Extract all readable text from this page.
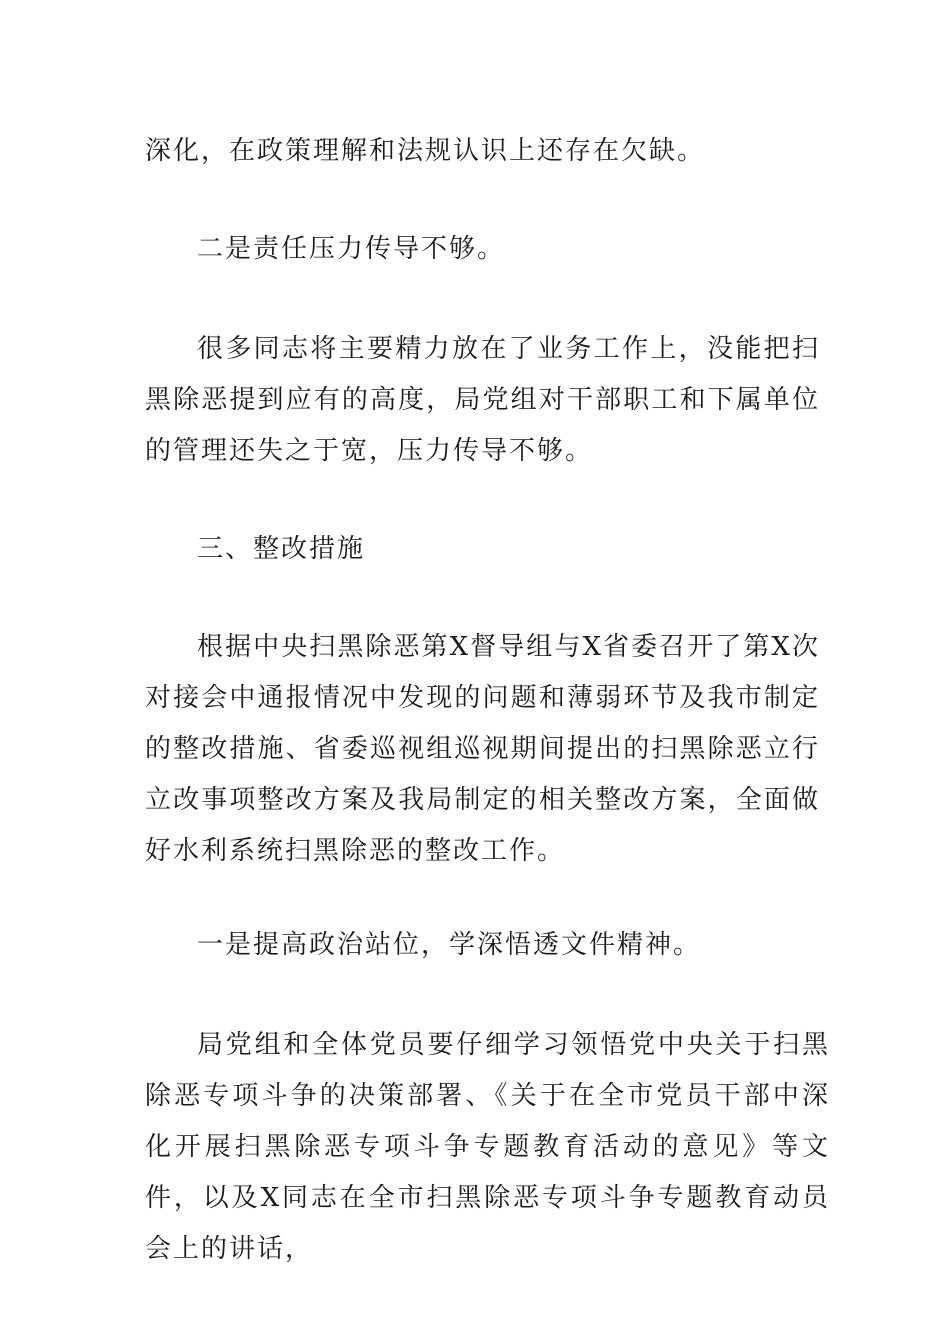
深化，在政策理解和法规认识上还存在欠缺。

二是责任压力传导不够。

很多同志将主要精力放在了业务工作上，没能把扫黑除恶提到应有的高度，局党组对干部职工和下属单位的管理还失之于宽，压力传导不够。

三、整改措施

根据中央扫黑除恶第X督导组与X省委召开了第X次对接会中通报情况中发现的问题和薄弱环节及我市制定的整改措施、省委巡视组巡视期间提出的扫黑除恶立行立改事项整改方案及我局制定的相关整改方案，全面做好水利系统扫黑除恶的整改工作。

一是提高政治站位，学深悟透文件精神。

局党组和全体党员要仔细学习领悟党中央关于扫黑除恶专项斗争的决策部署、《关于在全市党员干部中深化开展扫黑除恶专项斗争专题教育活动的意见》等文件，以及X同志在全市扫黑除恶专项斗争专题教育动员会上的讲话，
